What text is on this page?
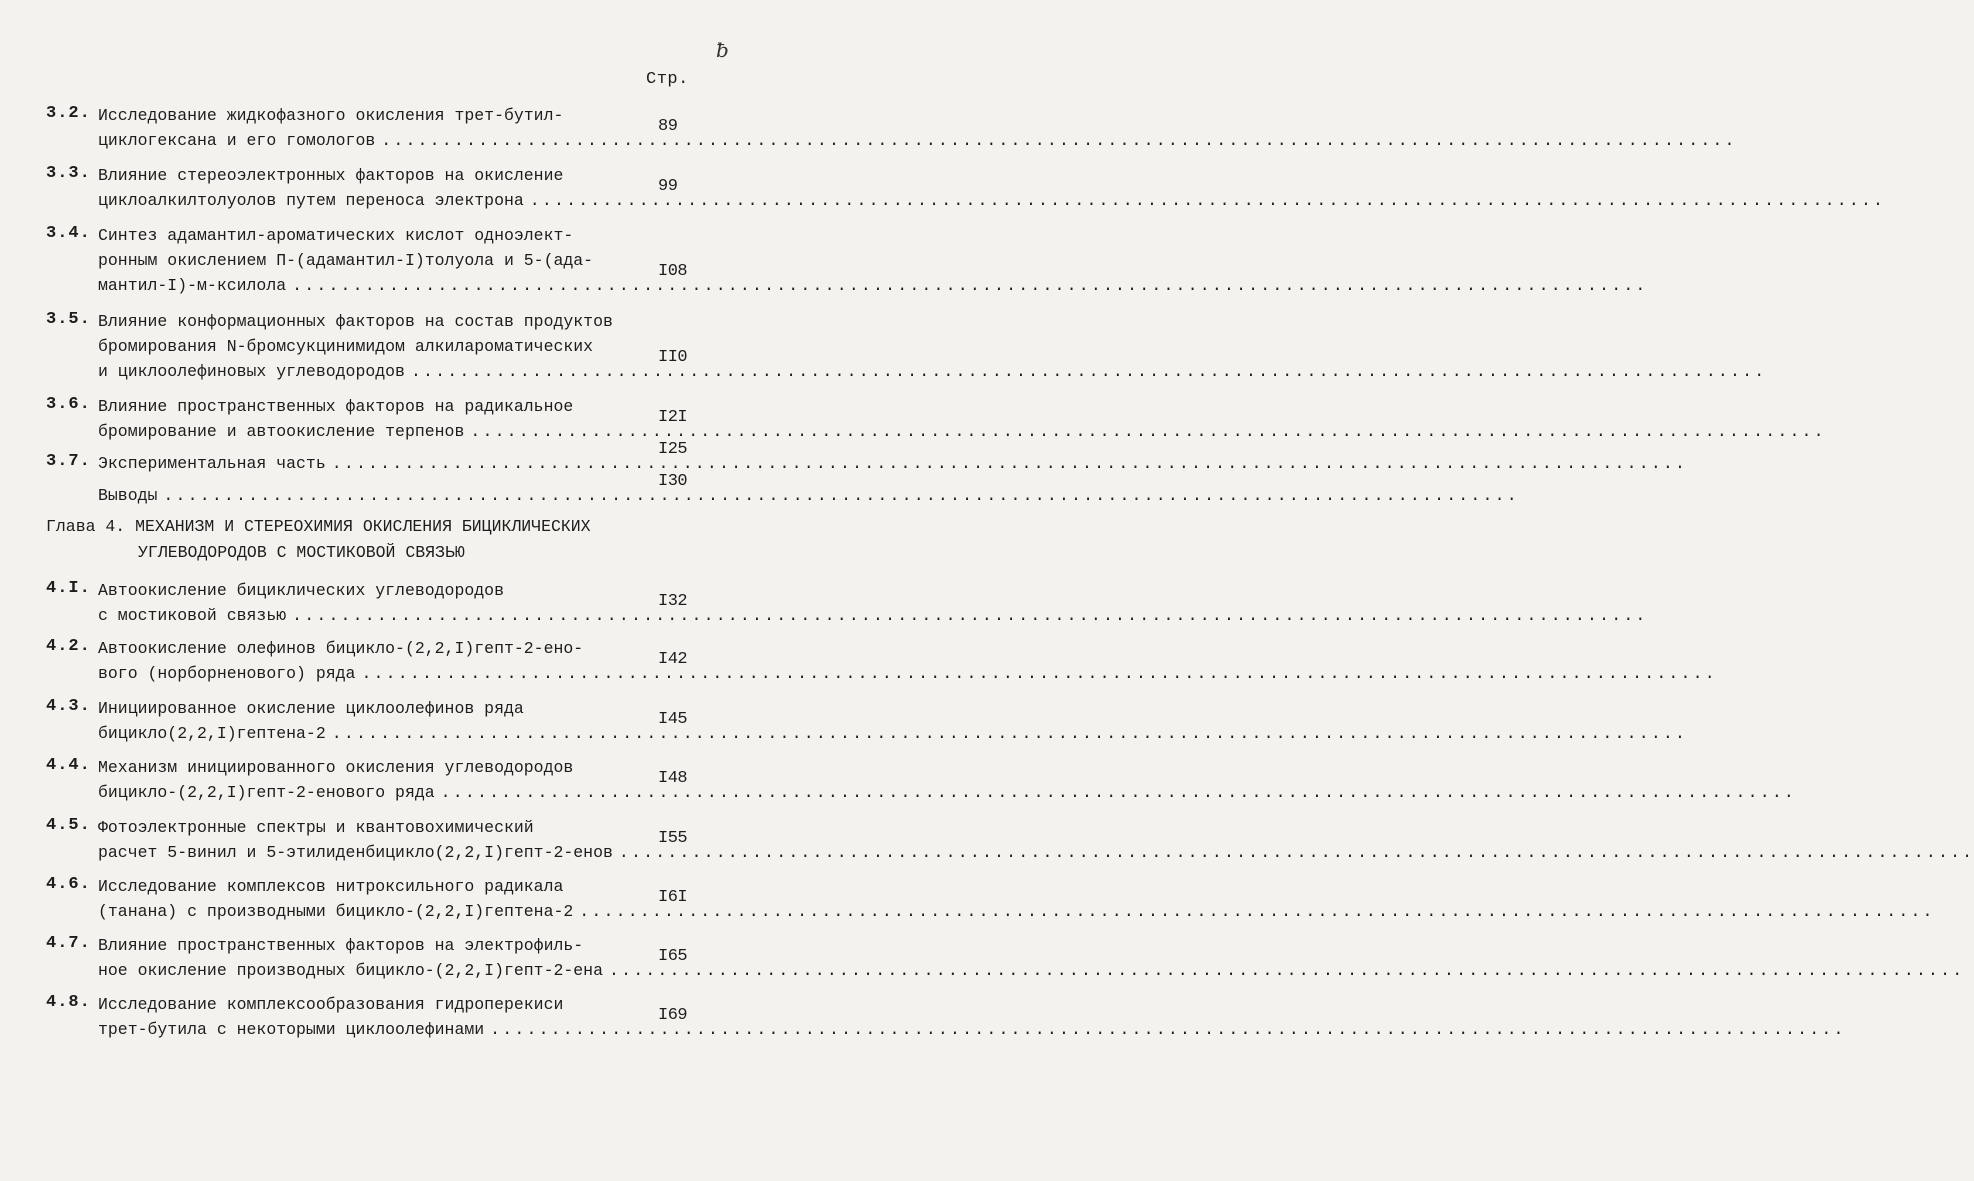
ƀ
Стр.
3.2. Исследование жидкофазного окисления трет-бутил-
циклогексана и его гомологов ................................................................................................................
89
3.3. Влияние стереоэлектронных факторов на окисление
циклоалкилтолуолов путем переноса электрона ................................................................................................................
99
3.4. Синтез адамантил-ароматических кислот одноэлект-
ронным окислением П-(адамантил-I)толуола и 5-(ада-
мантил-I)-м-ксилола ................................................................................................................
I08
3.5. Влияние конформационных факторов на состав продуктов
бромирования N-бромсукцинимидом алкилароматических
и циклоолефиновых углеводородов ................................................................................................................
II0
3.6. Влияние пространственных факторов на радикальное
бромирование и автоокисление терпенов ................................................................................................................
I2I
3.7. Экспериментальная часть ................................................................................................................
I25
Выводы ................................................................................................................
I30
Глава 4. МЕХАНИЗМ И СТЕРЕОХИМИЯ ОКИСЛЕНИЯ БИЦИКЛИЧЕСКИХ
УГЛЕВОДОРОДОВ С МОСТИКОВОЙ СВЯЗЬЮ
4.I. Автоокисление бициклических углеводородов
с мостиковой связью ................................................................................................................
I32
4.2. Автоокисление олефинов бицикло-(2,2,I)гепт-2-ено-
вого (норборненового) ряда ................................................................................................................
I42
4.3. Инициированное окисление циклоолефинов ряда
бицикло(2,2,I)гептена-2 ................................................................................................................
I45
4.4. Механизм инициированного окисления углеводородов
бицикло-(2,2,I)гепт-2-енового ряда ................................................................................................................
I48
4.5. Фотоэлектронные спектры и квантовохимический
расчет 5-винил и 5-этилиденбицикло(2,2,I)гепт-2-енов ................................................................................................................
I55
4.6. Исследование комплексов нитроксильного радикала
(танана) с производными бицикло-(2,2,I)гептена-2 ................................................................................................................
I6I
4.7. Влияние пространственных факторов на электрофиль-
ное окисление производных бицикло-(2,2,I)гепт-2-ена ................................................................................................................
I65
4.8. Исследование комплексообразования гидроперекиси
трет-бутила с некоторыми циклоолефинами ................................................................................................................
I69
